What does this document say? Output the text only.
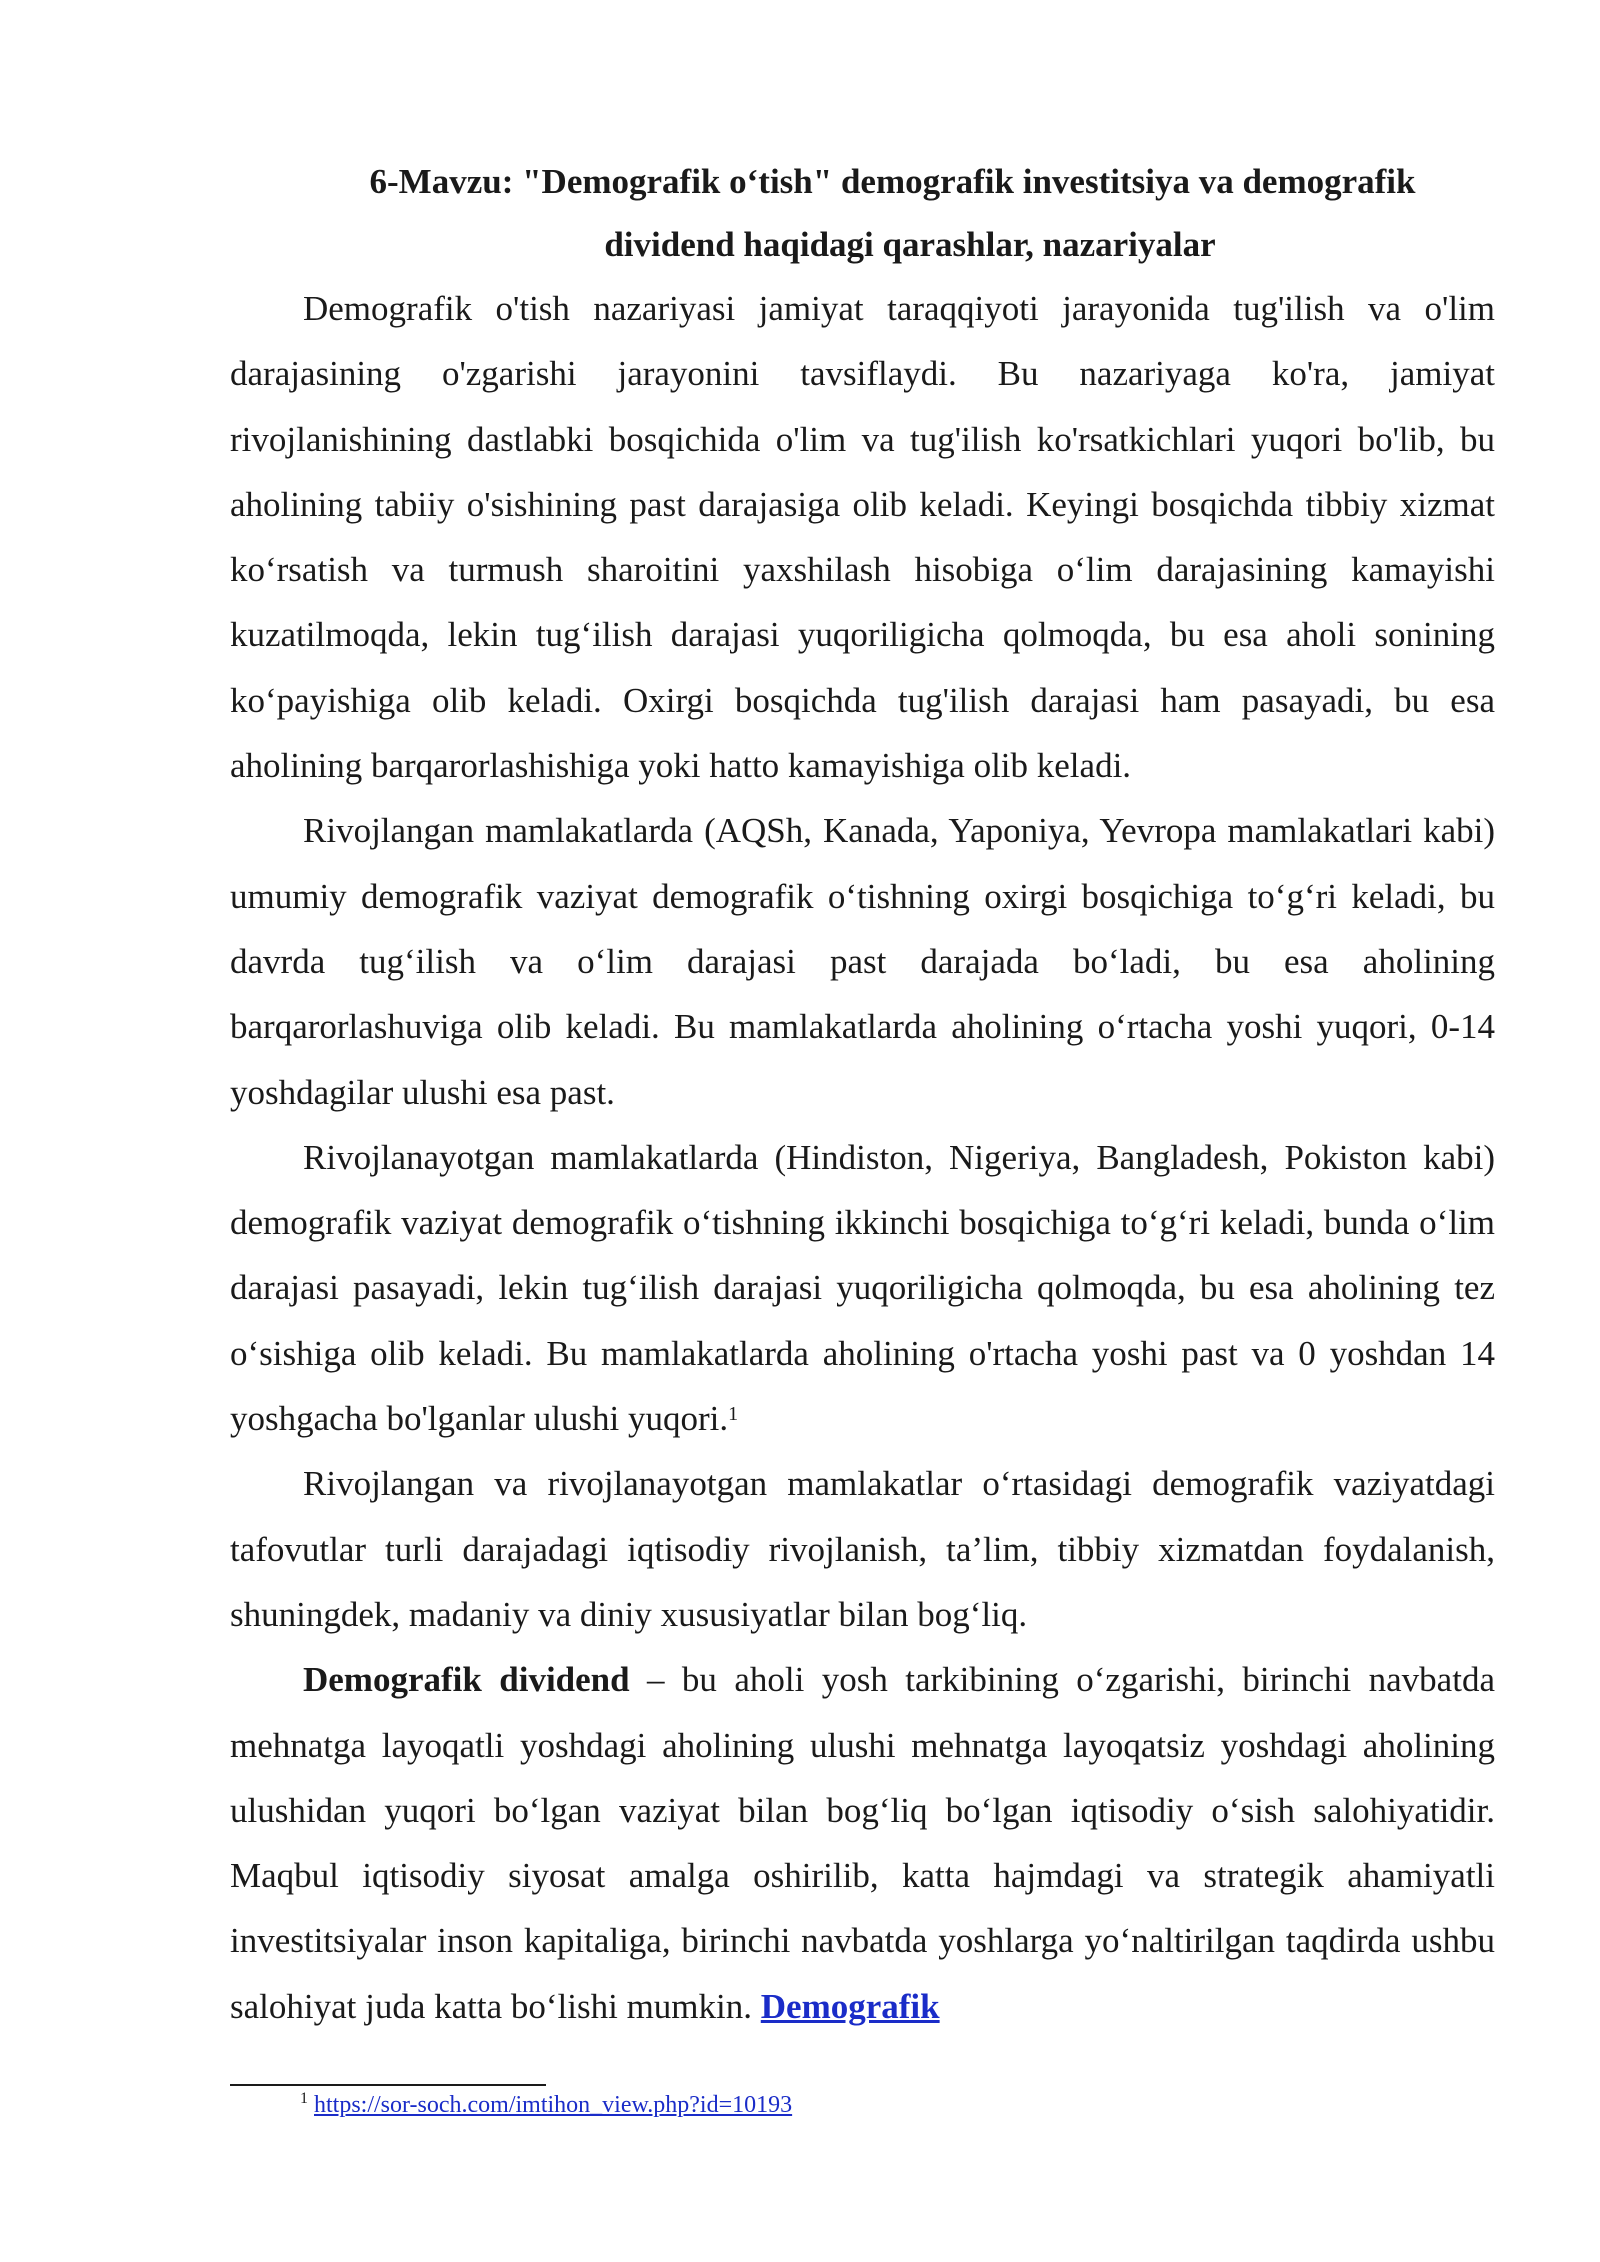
6-Mavzu: "Demografik o‘tish" demografik investitsiya va demografik
dividend haqidagi qarashlar, nazariyalar

Demografik o'tish nazariyasi jamiyat taraqqiyoti jarayonida tug'ilish va o'lim darajasining o'zgarishi jarayonini tavsiflaydi. Bu nazariyaga ko'ra, jamiyat rivojlanishining dastlabki bosqichida o'lim va tug'ilish ko'rsatkichlari yuqori bo'lib, bu aholining tabiiy o'sishining past darajasiga olib keladi. Keyingi bosqichda tibbiy xizmat ko‘rsatish va turmush sharoitini yaxshilash hisobiga o‘lim darajasining kamayishi kuzatilmoqda, lekin tug‘ilish darajasi yuqoriligicha qolmoqda, bu esa aholi sonining ko‘payishiga olib keladi. Oxirgi bosqichda tug'ilish darajasi ham pasayadi, bu esa aholining barqarorlashishiga yoki hatto kamayishiga olib keladi.

Rivojlangan mamlakatlarda (AQSh, Kanada, Yaponiya, Yevropa mamlakatlari kabi) umumiy demografik vaziyat demografik o‘tishning oxirgi bosqichiga to‘g‘ri keladi, bu davrda tug‘ilish va o‘lim darajasi past darajada bo‘ladi, bu esa aholining barqarorlashuviga olib keladi. Bu mamlakatlarda aholining o‘rtacha yoshi yuqori, 0-14 yoshdagilar ulushi esa past.

Rivojlanayotgan mamlakatlarda (Hindiston, Nigeriya, Bangladesh, Pokiston kabi) demografik vaziyat demografik o‘tishning ikkinchi bosqichiga to‘g‘ri keladi, bunda o‘lim darajasi pasayadi, lekin tug‘ilish darajasi yuqoriligicha qolmoqda, bu esa aholining tez o‘sishiga olib keladi. Bu mamlakatlarda aholining o'rtacha yoshi past va 0 yoshdan 14 yoshgacha bo'lganlar ulushi yuqori.$^1$

Rivojlangan va rivojlanayotgan mamlakatlar o‘rtasidagi demografik vaziyatdagi tafovutlar turli darajadagi iqtisodiy rivojlanish, ta’lim, tibbiy xizmatdan foydalanish, shuningdek, madaniy va diniy xususiyatlar bilan bog‘liq.

Demografik dividend – bu aholi yosh tarkibining o‘zgarishi, birinchi navbatda mehnatga layoqatli yoshdagi aholining ulushi mehnatga layoqatsiz yoshdagi aholining ulushidan yuqori bo‘lgan vaziyat bilan bog‘liq bo‘lgan iqtisodiy o‘sish salohiyatidir. Maqbul iqtisodiy siyosat amalga oshirilib, katta hajmdagi va strategik ahamiyatli investitsiyalar inson kapitaliga, birinchi navbatda yoshlarga yo‘naltirilgan taqdirda ushbu salohiyat juda katta bo‘lishi mumkin. Demografik

$^1$ https://sor-soch.com/imtihon_view.php?id=10193
